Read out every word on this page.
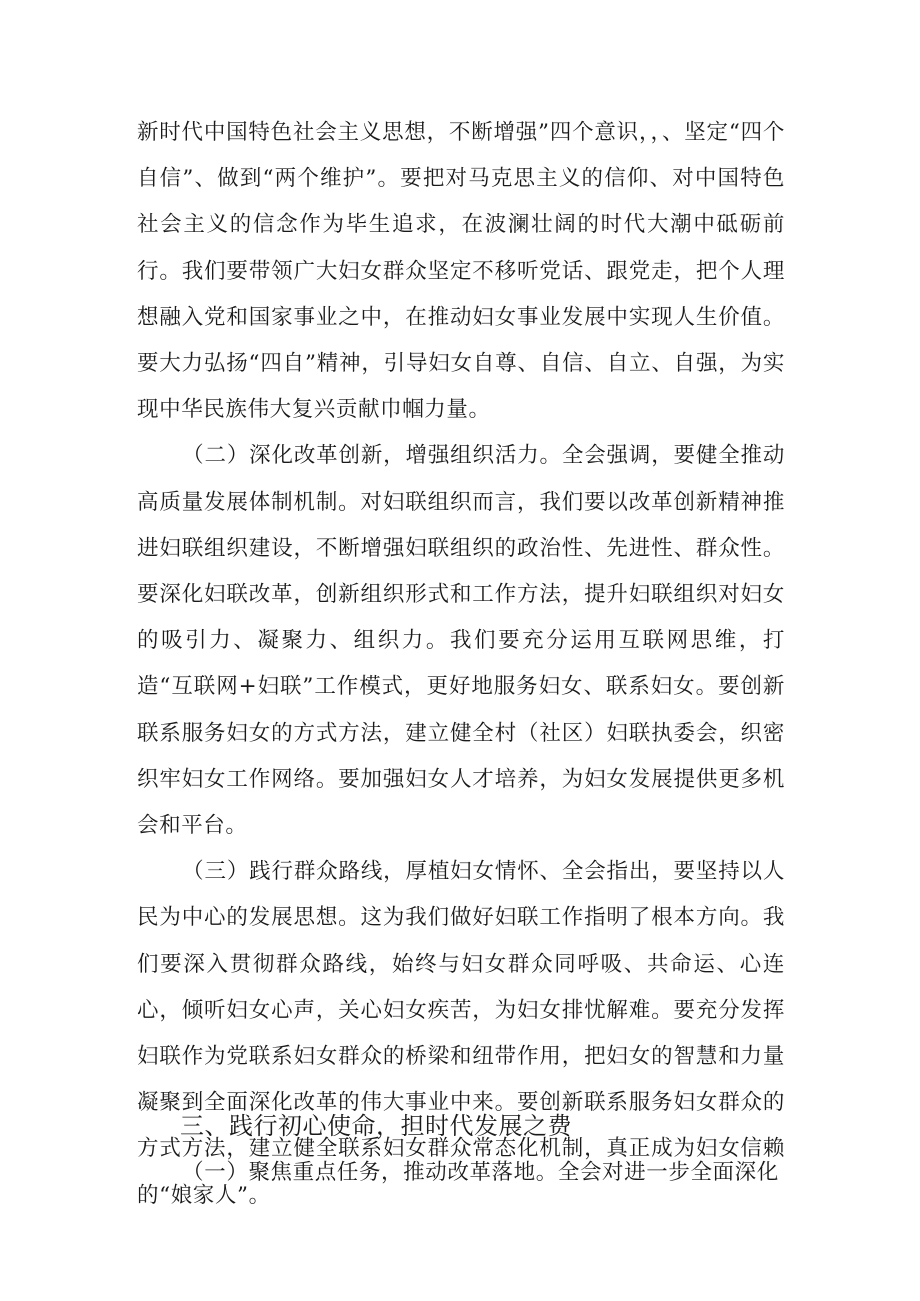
新时代中国特色社会主义思想，不断增强”四个意识，，、坚定“四个自信”、做到“两个维护”。要把对马克思主义的信仰、对中国特色社会主义的信念作为毕生追求，在波澜壮阔的时代大潮中砥砺前行。我们要带领广大妇女群众坚定不移听党话、跟党走，把个人理想融入党和国家事业之中，在推动妇女事业发展中实现人生价值。要大力弘扬“四自”精神，引导妇女自尊、自信、自立、自强，为实现中华民族伟大复兴贡献巾帼力量。

（二）深化改革创新，增强组织活力。全会强调，要健全推动高质量发展体制机制。对妇联组织而言，我们要以改革创新精神推进妇联组织建设，不断增强妇联组织的政治性、先进性、群众性。要深化妇联改革，创新组织形式和工作方法，提升妇联组织对妇女的吸引力、凝聚力、组织力。我们要充分运用互联网思维，打造“互联网+妇联”工作模式，更好地服务妇女、联系妇女。要创新联系服务妇女的方式方法，建立健全村（社区）妇联执委会，织密织牢妇女工作网络。要加强妇女人才培养，为妇女发展提供更多机会和平台。

（三）践行群众路线，厚植妇女情怀、全会指出，要坚持以人民为中心的发展思想。这为我们做好妇联工作指明了根本方向。我们要深入贯彻群众路线，始终与妇女群众同呼吸、共命运、心连心，倾听妇女心声，关心妇女疾苦，为妇女排忧解难。要充分发挥妇联作为党联系妇女群众的桥梁和纽带作用，把妇女的智慧和力量凝聚到全面深化改革的伟大事业中来。要创新联系服务妇女群众的方式方法，建立健全联系妇女群众常态化机制，真正成为妇女信赖的“娘家人”。

三、践行初心使命，担时代发展之费

（一）聚焦重点任务，推动改革落地。全会对进一步全面深化
